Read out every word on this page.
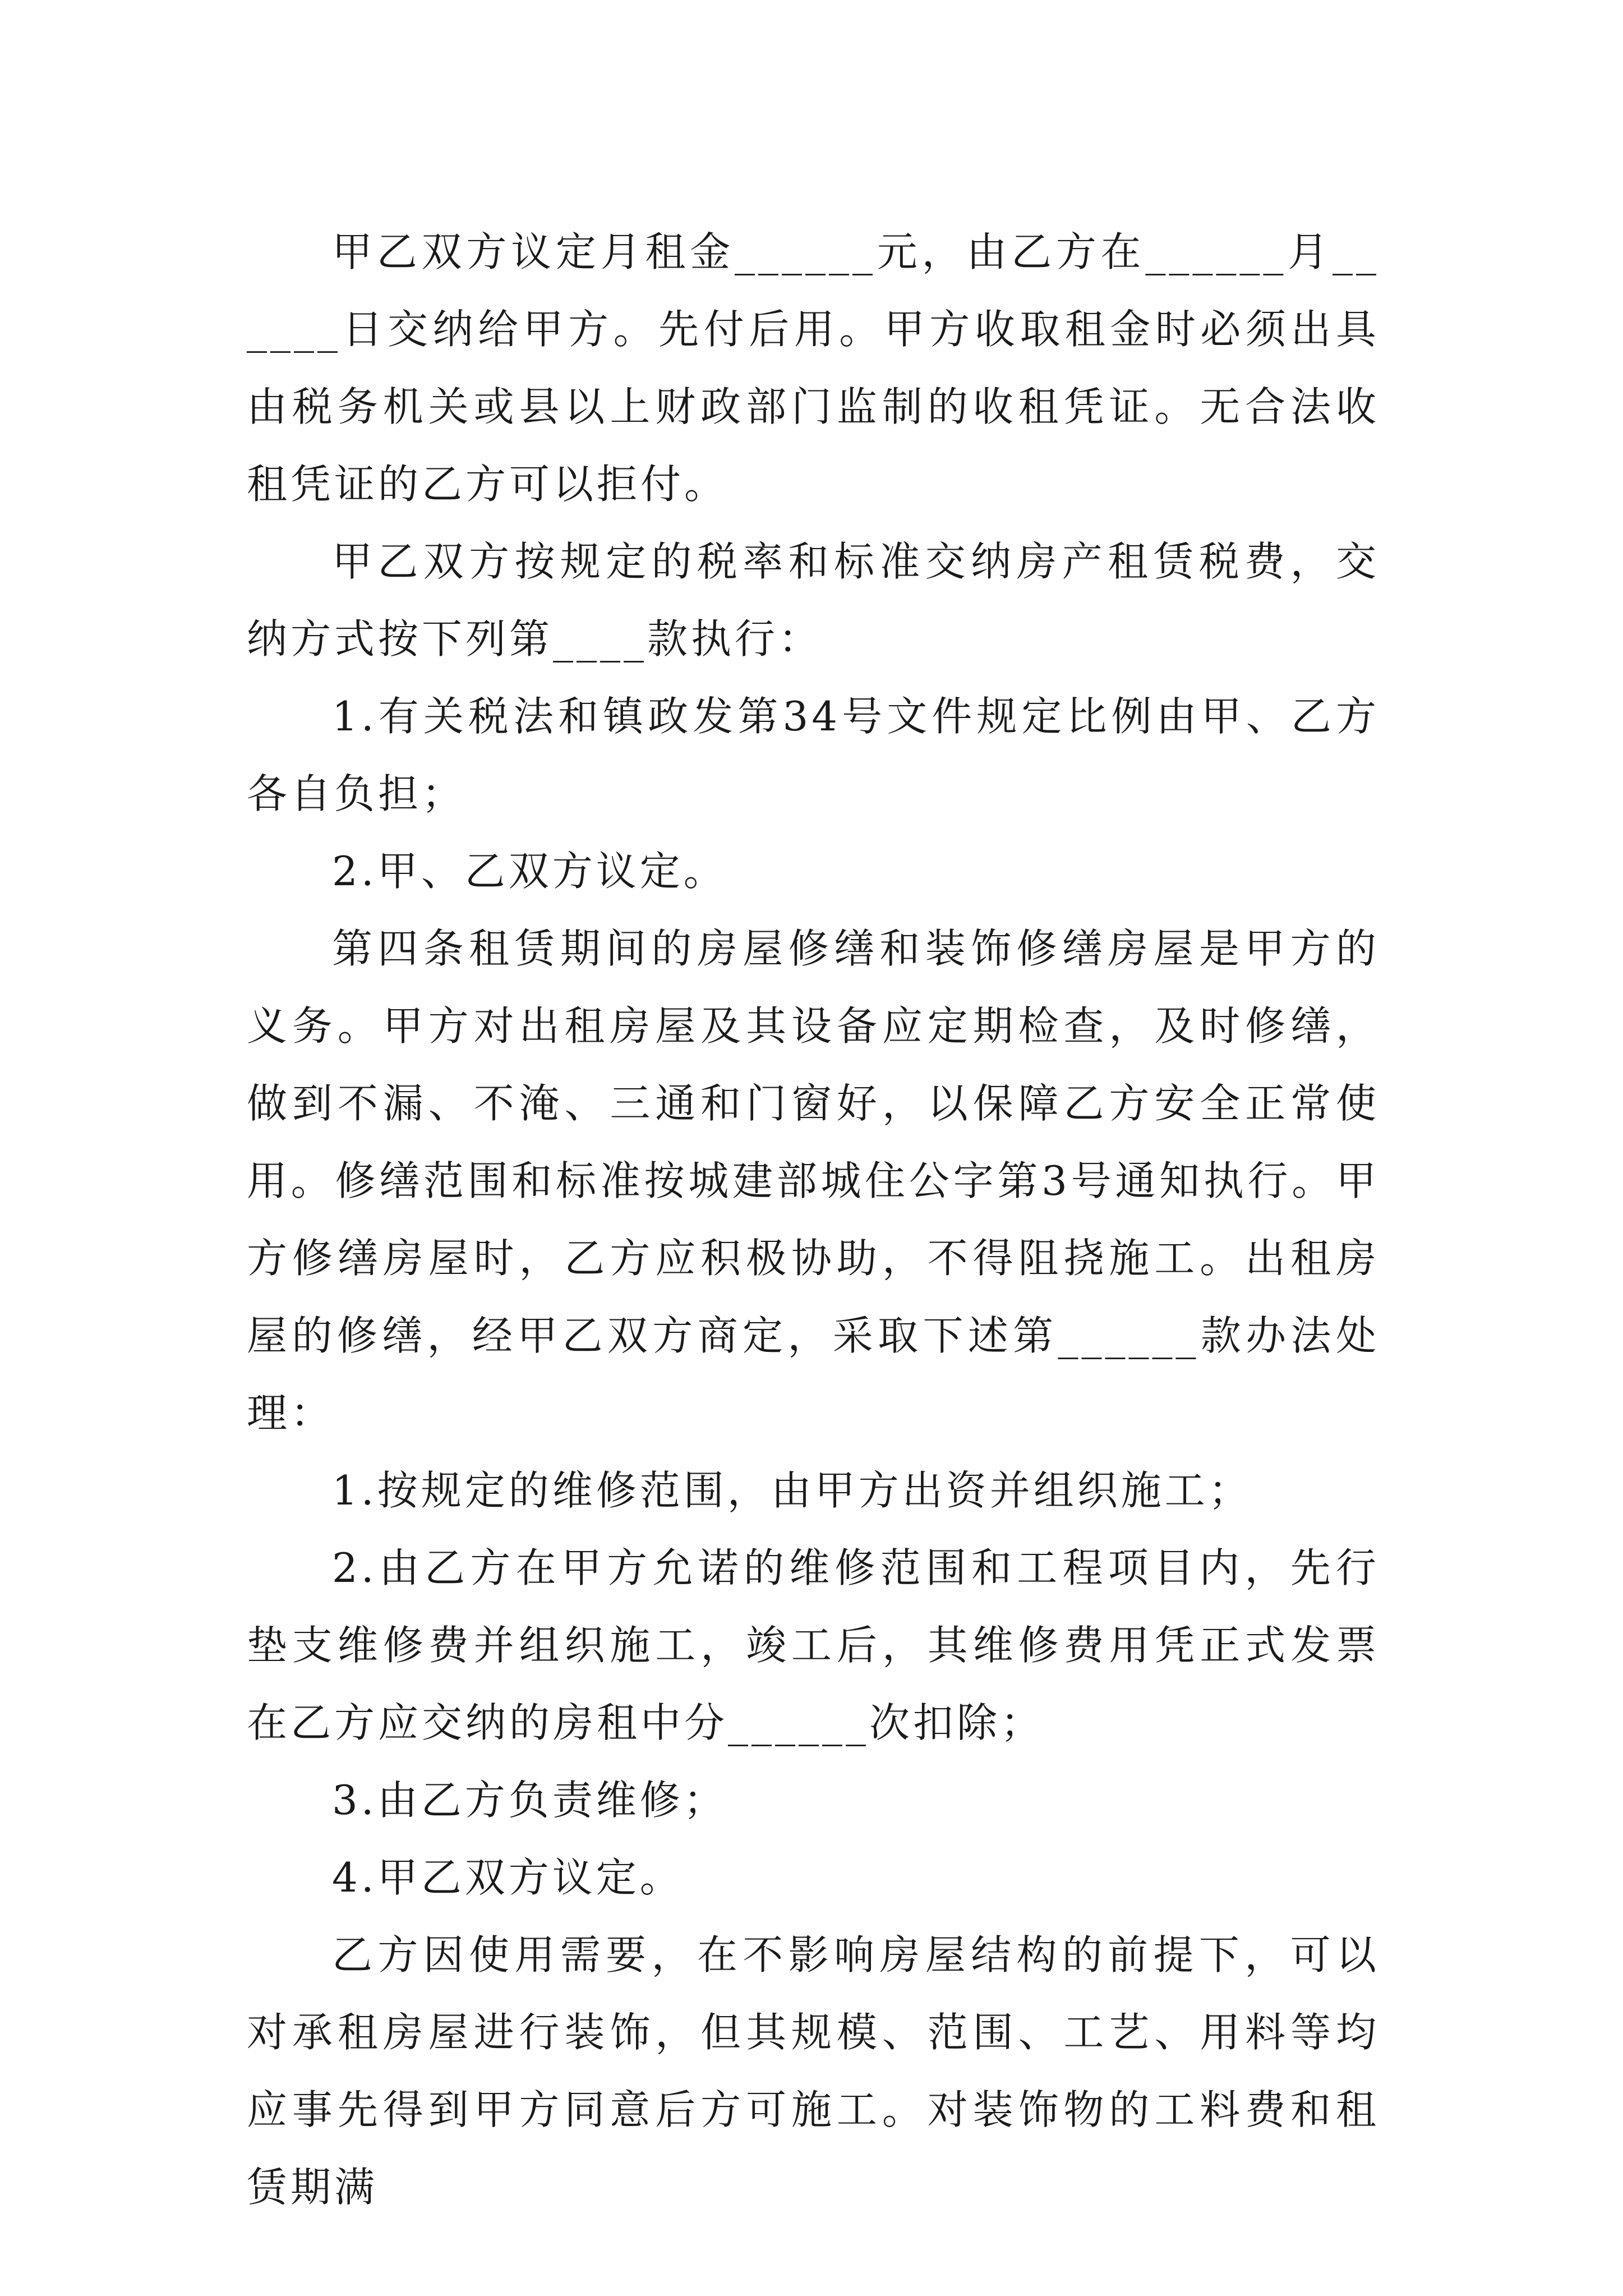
甲乙双方议定月租金______元，由乙方在______月______日交纳给甲方。先付后用。甲方收取租金时必须出具由税务机关或县以上财政部门监制的收租凭证。无合法收租凭证的乙方可以拒付。

甲乙双方按规定的税率和标准交纳房产租赁税费，交纳方式按下列第____款执行：

1.有关税法和镇政发第34号文件规定比例由甲、乙方各自负担；

2.甲、乙双方议定。

第四条租赁期间的房屋修缮和装饰修缮房屋是甲方的义务。甲方对出租房屋及其设备应定期检查，及时修缮，做到不漏、不淹、三通和门窗好，以保障乙方安全正常使用。修缮范围和标准按城建部城住公字第3号通知执行。甲方修缮房屋时，乙方应积极协助，不得阻挠施工。出租房屋的修缮，经甲乙双方商定，采取下述第______款办法处理：

1.按规定的维修范围，由甲方出资并组织施工；

2.由乙方在甲方允诺的维修范围和工程项目内，先行垫支维修费并组织施工，竣工后，其维修费用凭正式发票在乙方应交纳的房租中分______次扣除；

3.由乙方负责维修；

4.甲乙双方议定。

乙方因使用需要，在不影响房屋结构的前提下，可以对承租房屋进行装饰，但其规模、范围、工艺、用料等均应事先得到甲方同意后方可施工。对装饰物的工料费和租赁期满
